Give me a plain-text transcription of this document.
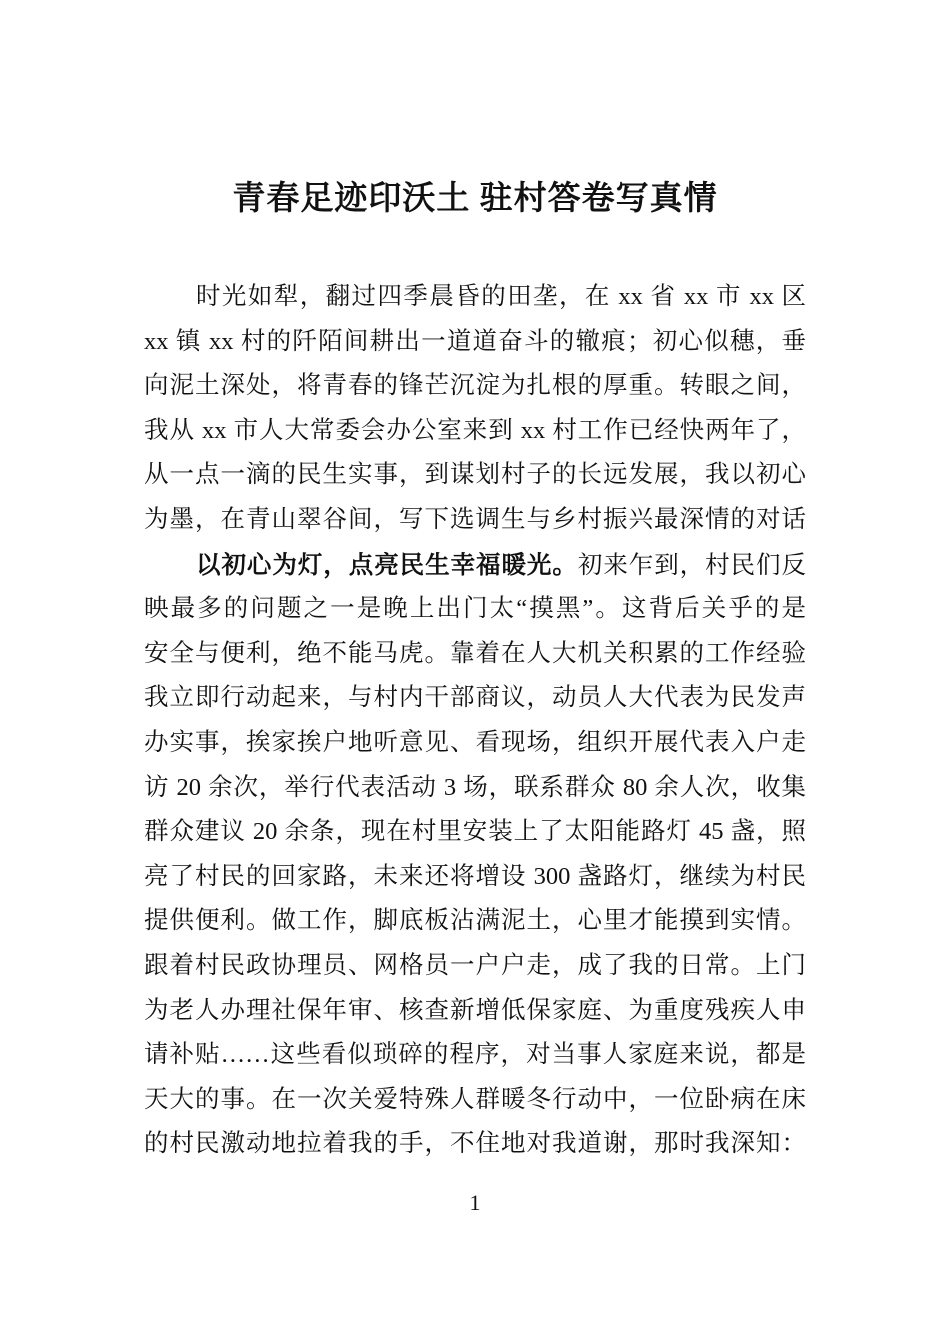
青春足迹印沃土 驻村答卷写真情
时光如犁，翻过四季晨昏的田垄，在 xx 省 xx 市 xx 区
xx 镇 xx 村的阡陌间耕出一道道奋斗的辙痕；初心似穗，垂
向泥土深处，将青春的锋芒沉淀为扎根的厚重。转眼之间，
我从 xx 市人大常委会办公室来到 xx 村工作已经快两年了，
从一点一滴的民生实事，到谋划村子的长远发展，我以初心
为墨，在青山翠谷间，写下选调生与乡村振兴最深情的对话
以初心为灯，点亮民生幸福暖光。初来乍到，村民们反
映最多的问题之一是晚上出门太“摸黑”。这背后关乎的是
安全与便利，绝不能马虎。靠着在人大机关积累的工作经验
我立即行动起来，与村内干部商议，动员人大代表为民发声
办实事，挨家挨户地听意见、看现场，组织开展代表入户走
访 20 余次，举行代表活动 3 场，联系群众 80 余人次，收集
群众建议 20 余条，现在村里安装上了太阳能路灯 45 盏，照
亮了村民的回家路，未来还将增设 300 盏路灯，继续为村民
提供便利。做工作，脚底板沾满泥土，心里才能摸到实情。
跟着村民政协理员、网格员一户户走，成了我的日常。上门
为老人办理社保年审、核查新增低保家庭、为重度残疾人申
请补贴……这些看似琐碎的程序，对当事人家庭来说，都是
天大的事。在一次关爱特殊人群暖冬行动中，一位卧病在床
的村民激动地拉着我的手，不住地对我道谢，那时我深知：
1
